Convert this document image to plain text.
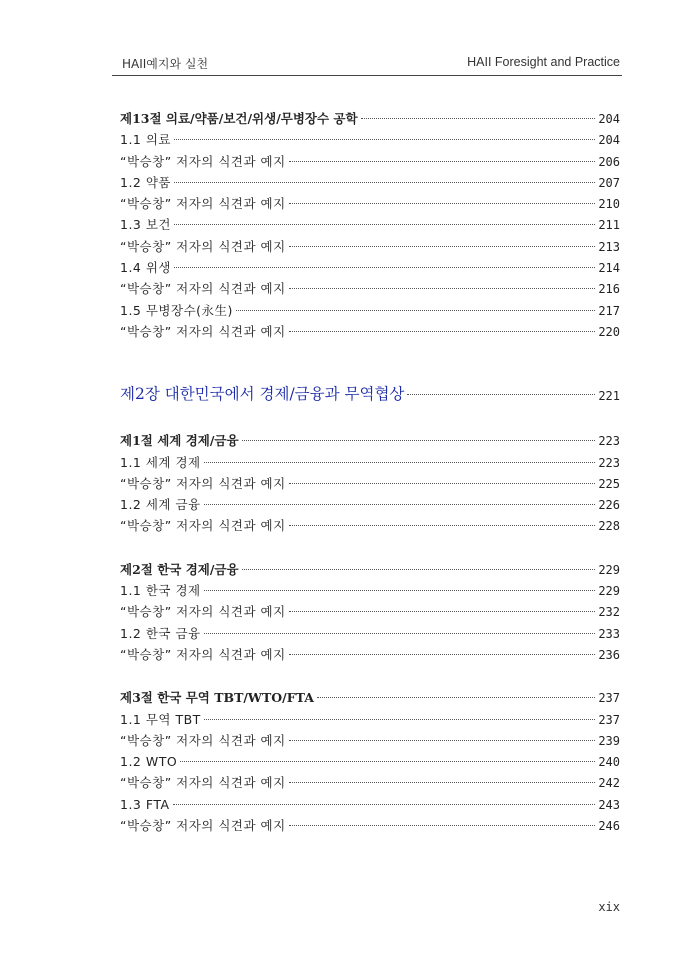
HAII예지와 실천	HAII Foresight and Practice
제13절 의료/약품/보건/위생/무병장수 공학	204
1.1 의료	204
“박승창” 저자의 식견과 예지	206
1.2 약품	207
“박승창” 저자의 식견과 예지	210
1.3 보건	211
“박승창” 저자의 식견과 예지	213
1.4 위생	214
“박승창” 저자의 식견과 예지	216
1.5 무병장수(永生)	217
“박승창” 저자의 식견과 예지	220
제2장 대한민국에서 경제/금융과 무역협상	221
제1절 세계 경제/금융	223
1.1 세계 경제	223
“박승창” 저자의 식견과 예지	225
1.2 세계 금융	226
“박승창” 저자의 식견과 예지	228
제2절 한국 경제/금융	229
1.1 한국 경제	229
“박승창” 저자의 식견과 예지	232
1.2 한국 금융	233
“박승창” 저자의 식견과 예지	236
제3절 한국 무역 TBT/WTO/FTA	237
1.1 무역 TBT	237
“박승창” 저자의 식견과 예지	239
1.2 WTO	240
“박승창” 저자의 식견과 예지	242
1.3 FTA	243
“박승창” 저자의 식견과 예지	246
xix
